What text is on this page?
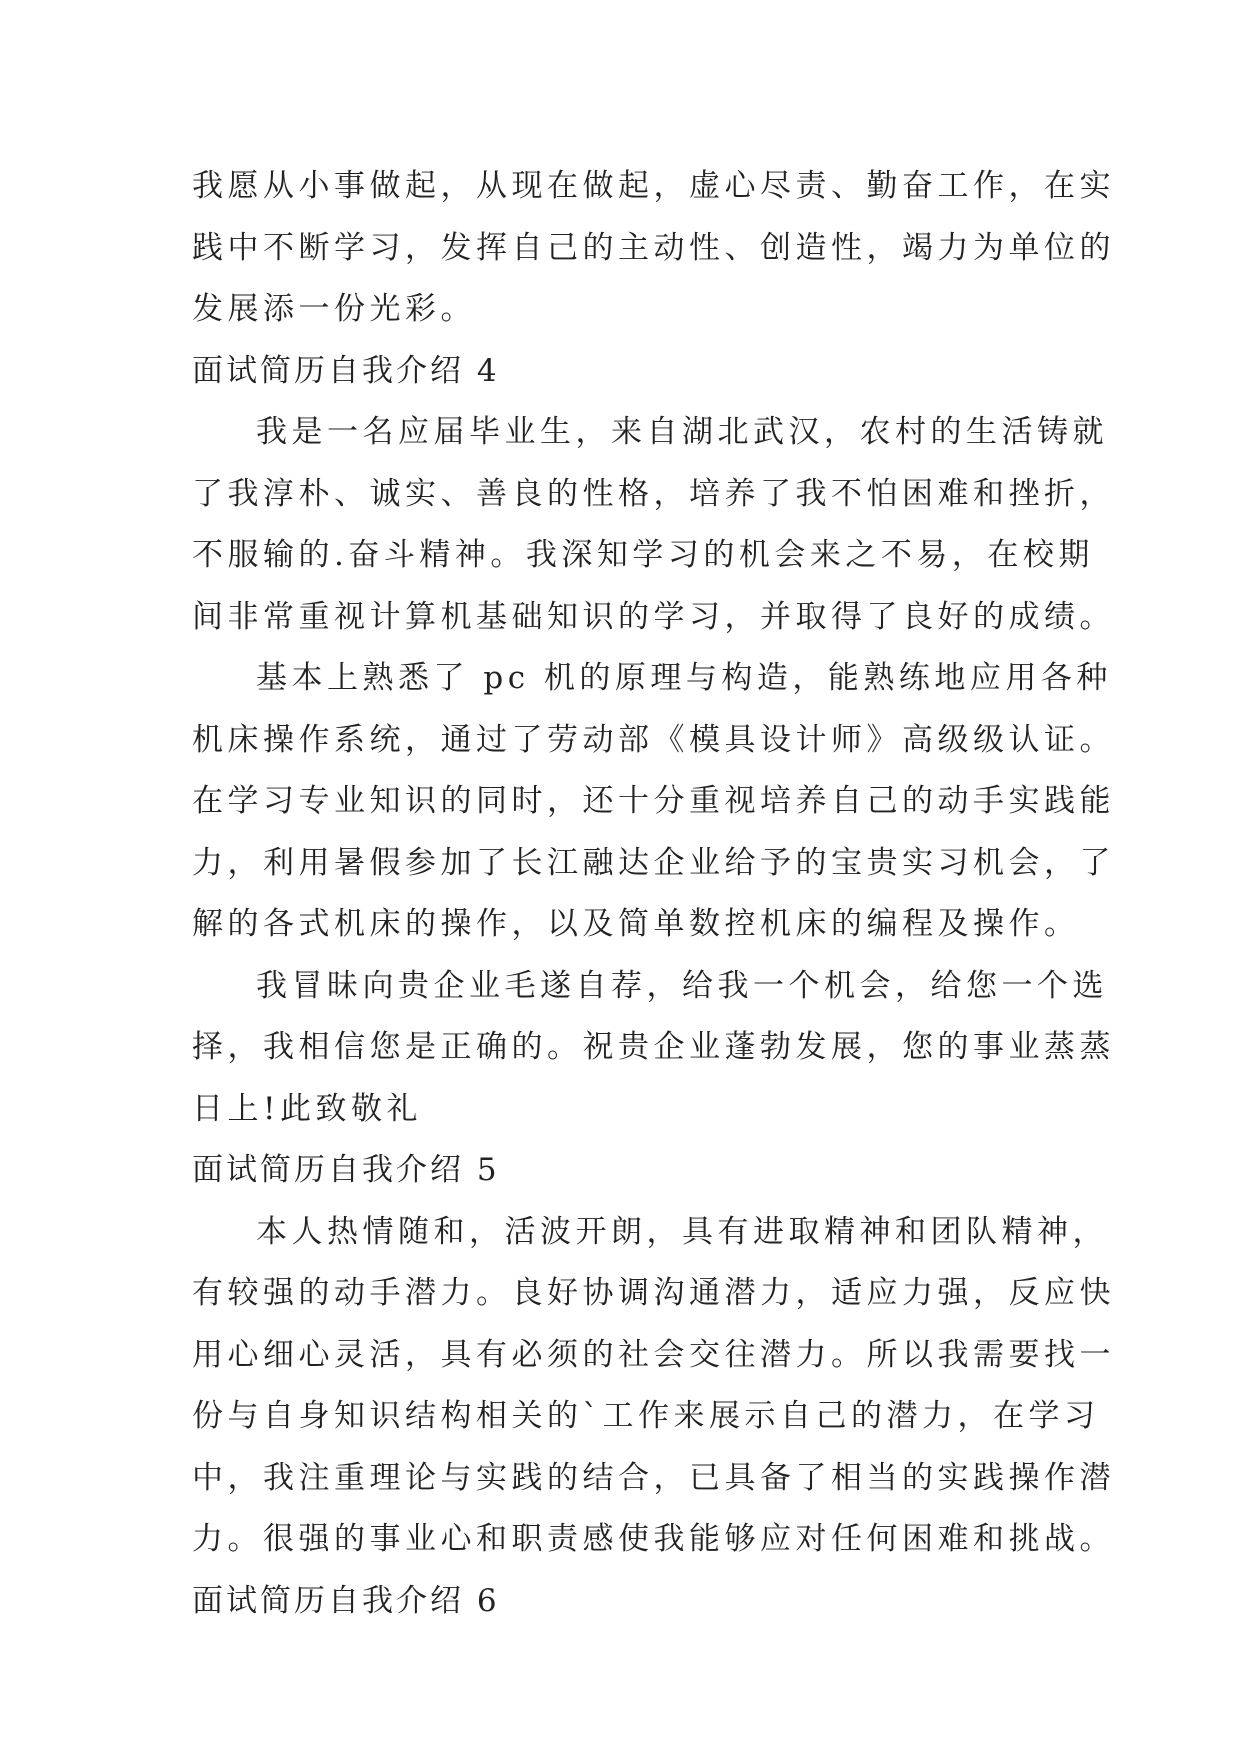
我愿从小事做起，从现在做起，虚心尽责、勤奋工作，在实
践中不断学习，发挥自己的主动性、创造性，竭力为单位的
发展添一份光彩。
面试简历自我介绍 4
我是一名应届毕业生，来自湖北武汉，农村的生活铸就
了我淳朴、诚实、善良的性格，培养了我不怕困难和挫折，
不服输的.奋斗精神。我深知学习的机会来之不易，在校期
间非常重视计算机基础知识的学习，并取得了良好的成绩。
基本上熟悉了 pc 机的原理与构造，能熟练地应用各种
机床操作系统，通过了劳动部《模具设计师》高级级认证。
在学习专业知识的同时，还十分重视培养自己的动手实践能
力，利用暑假参加了长江融达企业给予的宝贵实习机会，了
解的各式机床的操作，以及简单数控机床的编程及操作。
我冒昧向贵企业毛遂自荐，给我一个机会，给您一个选
择，我相信您是正确的。祝贵企业蓬勃发展，您的事业蒸蒸
日上!此致敬礼
面试简历自我介绍 5
本人热情随和，活波开朗，具有进取精神和团队精神，
有较强的动手潜力。良好协调沟通潜力，适应力强，反应快
用心细心灵活，具有必须的社会交往潜力。所以我需要找一
份与自身知识结构相关的`工作来展示自己的潜力，在学习
中，我注重理论与实践的结合，已具备了相当的实践操作潜
力。很强的事业心和职责感使我能够应对任何困难和挑战。
面试简历自我介绍 6
